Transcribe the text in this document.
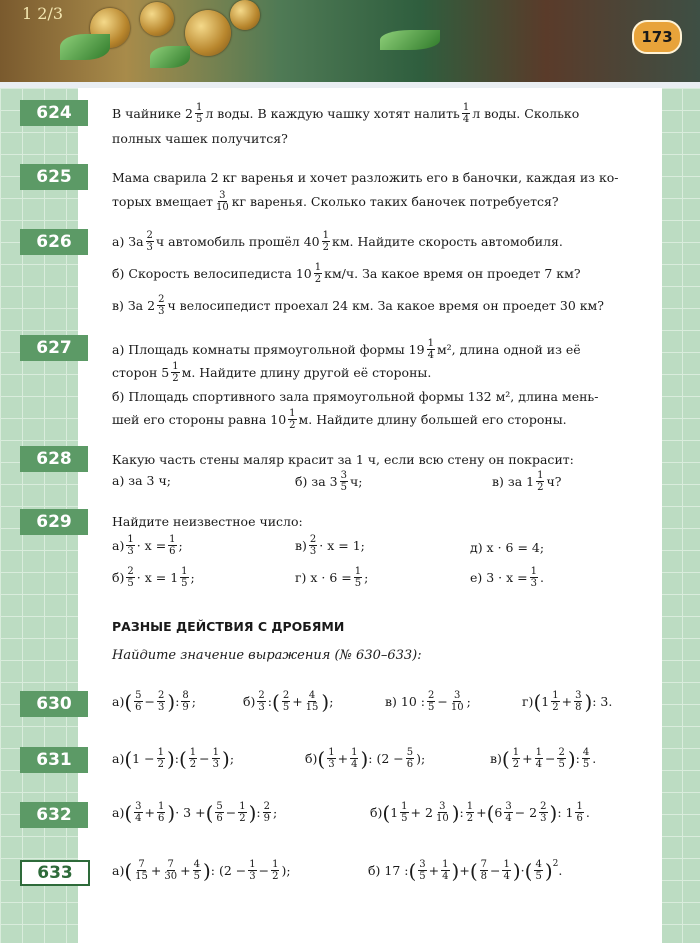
1 2/3
173
624	В чайнике $2 \frac{1}{5}$ л воды. В каждую чашку хотят налить $\frac{1}{4}$ л воды. Сколько
полных чашек получится?
625	Мама сварила 2 кг варенья и хочет разложить его в баночки, каждая из ко-
торых вмещает $\frac{3}{10}$ кг варенья. Сколько таких баночек потребуется?
626	а) За $\frac{2}{3}$ ч автомобиль прошёл $40 \frac{1}{2}$ км. Найдите скорость автомобиля.
б) Скорость велосипедиста $10 \frac{1}{2} км/ч$. За какое время он проедет 7 км?
в) За $2 \frac{2}{3}$ ч велосипедист проехал 24 км. За какое время он проедет 30 км?
627	а) Площадь комнаты прямоугольной формы $19 \frac{1}{4} м^2$, длина одной из её
сторон $5 \frac{1}{2} м$. Найдите длину другой её стороны.
б) Площадь спортивного зала прямоугольной формы 132 м², длина мень-
шей его стороны равна $10 \frac{1}{2} м$. Найдите длину большей его стороны.
628	Какую часть стены маляр красит за 1 ч, если всю стену он покрасит:
а) за 3 ч;	б) за $3 \frac{3}{5} ч$;	в) за $1 \frac{1}{2} ч$?
629	Найдите неизвестное число:
$а) \frac{1}{3} \cdot x = \frac{1}{6}$ ;	$в) \frac{2}{3} \cdot x = 1$;	д) x · 6 = 4;
$б) \frac{2}{5} \cdot x = 1 \frac{1}{5}$ ;	г) $x \cdot 6 = \frac{1}{5}$ ;	е) $3 \cdot x = \frac{1}{3}$ .
РАЗНЫЕ ДЕЙСТВИЯ С ДРОБЯМИ
Найдите значение выражения (№ 630–633):
630	а) ( $\frac{5}{6} - \frac{2}{3}$ ) : $\frac{8}{9}$ ;	$б) \frac{2}{3}$ : ( $\frac{2}{5} + \frac{4}{15}$ ) ;	в) 10 : $\frac{2}{5} - \frac{3}{10}$ ;	г) ( $1 \frac{1}{2} + \frac{3}{8}$ ) : 3.
631	а) ( $1 - \frac{1}{2}$ ) : ( $\frac{1}{2} - \frac{1}{3}$ ) ;	б) ( $\frac{1}{3} + \frac{1}{4}$ ) : ($2 - \frac{5}{6}$ );	в) ( $\frac{1}{2} + \frac{1}{4} - \frac{2}{5}$ ) : $\frac{4}{5}$ .
632	а) ( $\frac{3}{4} + \frac{1}{6}$ ) · 3 + ( $\frac{5}{6} - \frac{1}{2}$ ) : $\frac{2}{9}$ ;	б) ( $1 \frac{1}{5} + 2 \frac{3}{10}$ ) : $\frac{1}{2}$ + ( $6 \frac{3}{4} - 2 \frac{2}{3}$ ) : $1 \frac{1}{6}$ .
633	а) ( $\frac{7}{15} + \frac{7}{30} + \frac{4}{5}$ ) : ($2 - \frac{1}{3} - \frac{1}{2}$ );	б) 17 : ( $\frac{3}{5} + \frac{1}{4}$ ) + ( $\frac{7}{8} - \frac{1}{4}$ ) · ( $\frac{4}{5} )^2$ .
